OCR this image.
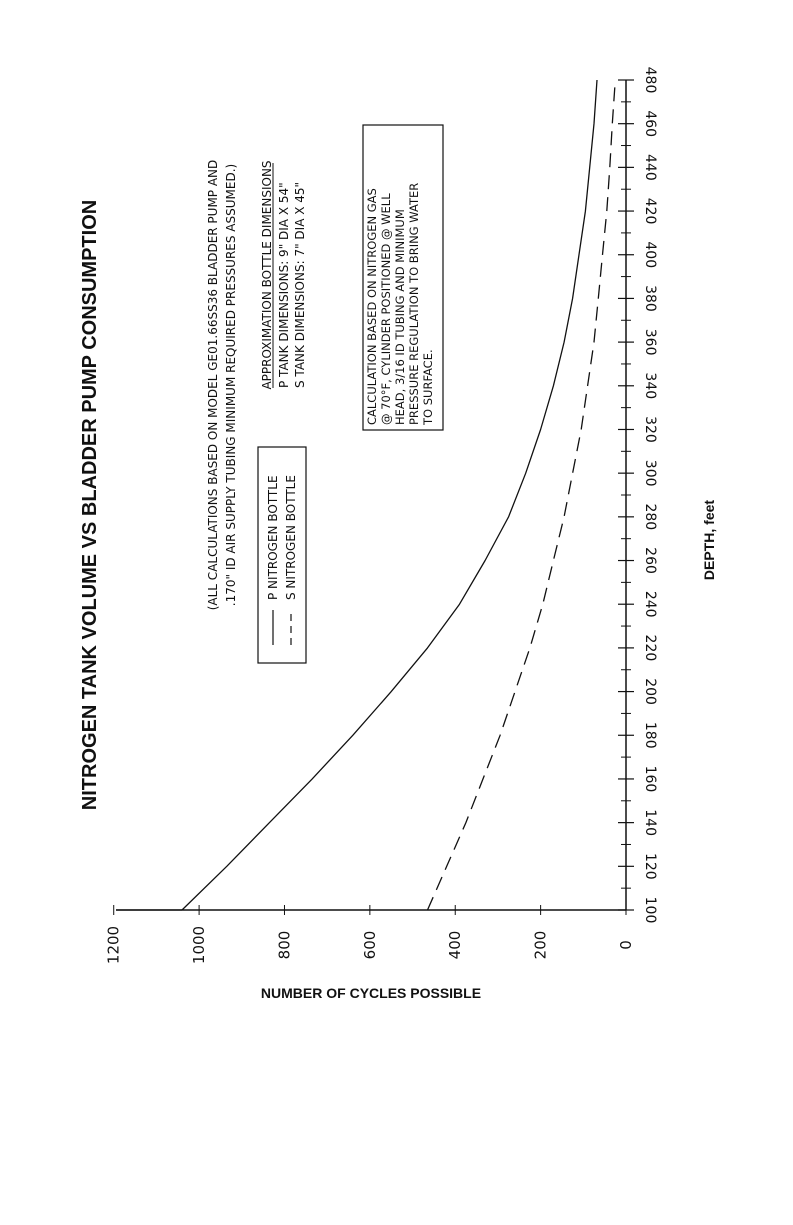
NITROGEN TANK VOLUME VS BLADDER PUMP CONSUMPTION	(ALL CALCULATIONS BASED ON MODEL GE01.66SS36 BLADDER PUMP AND .170" ID AIR SUPPLY TUBING MINIMUM REQUIRED PRESSURES ASSUMED.) APPROXIMATION BOTTLE DIMENSIONS P TANK DIMENSIONS: 9" DIA X 54" S TANK DIMENSIONS: 7" DIA X 45"
P NITROGEN BOTTLE S NITROGEN BOTTLE
CALCULATION BASED ON NITROGEN GAS @ 70°F, CYLINDER POSITIONED @ WELL HEAD, 3/16 ID TUBING AND MINIMUM PRESSURE REGULATION TO BRING WATER TO SURFACE.
100
120
140
160
180
200
220
240
260
280
300
320
340
360
380
400
420
440
460
480
0
200
400
600
800
1000
1200
DEPTH, feet
NUMBER OF CYCLES POSSIBLE
